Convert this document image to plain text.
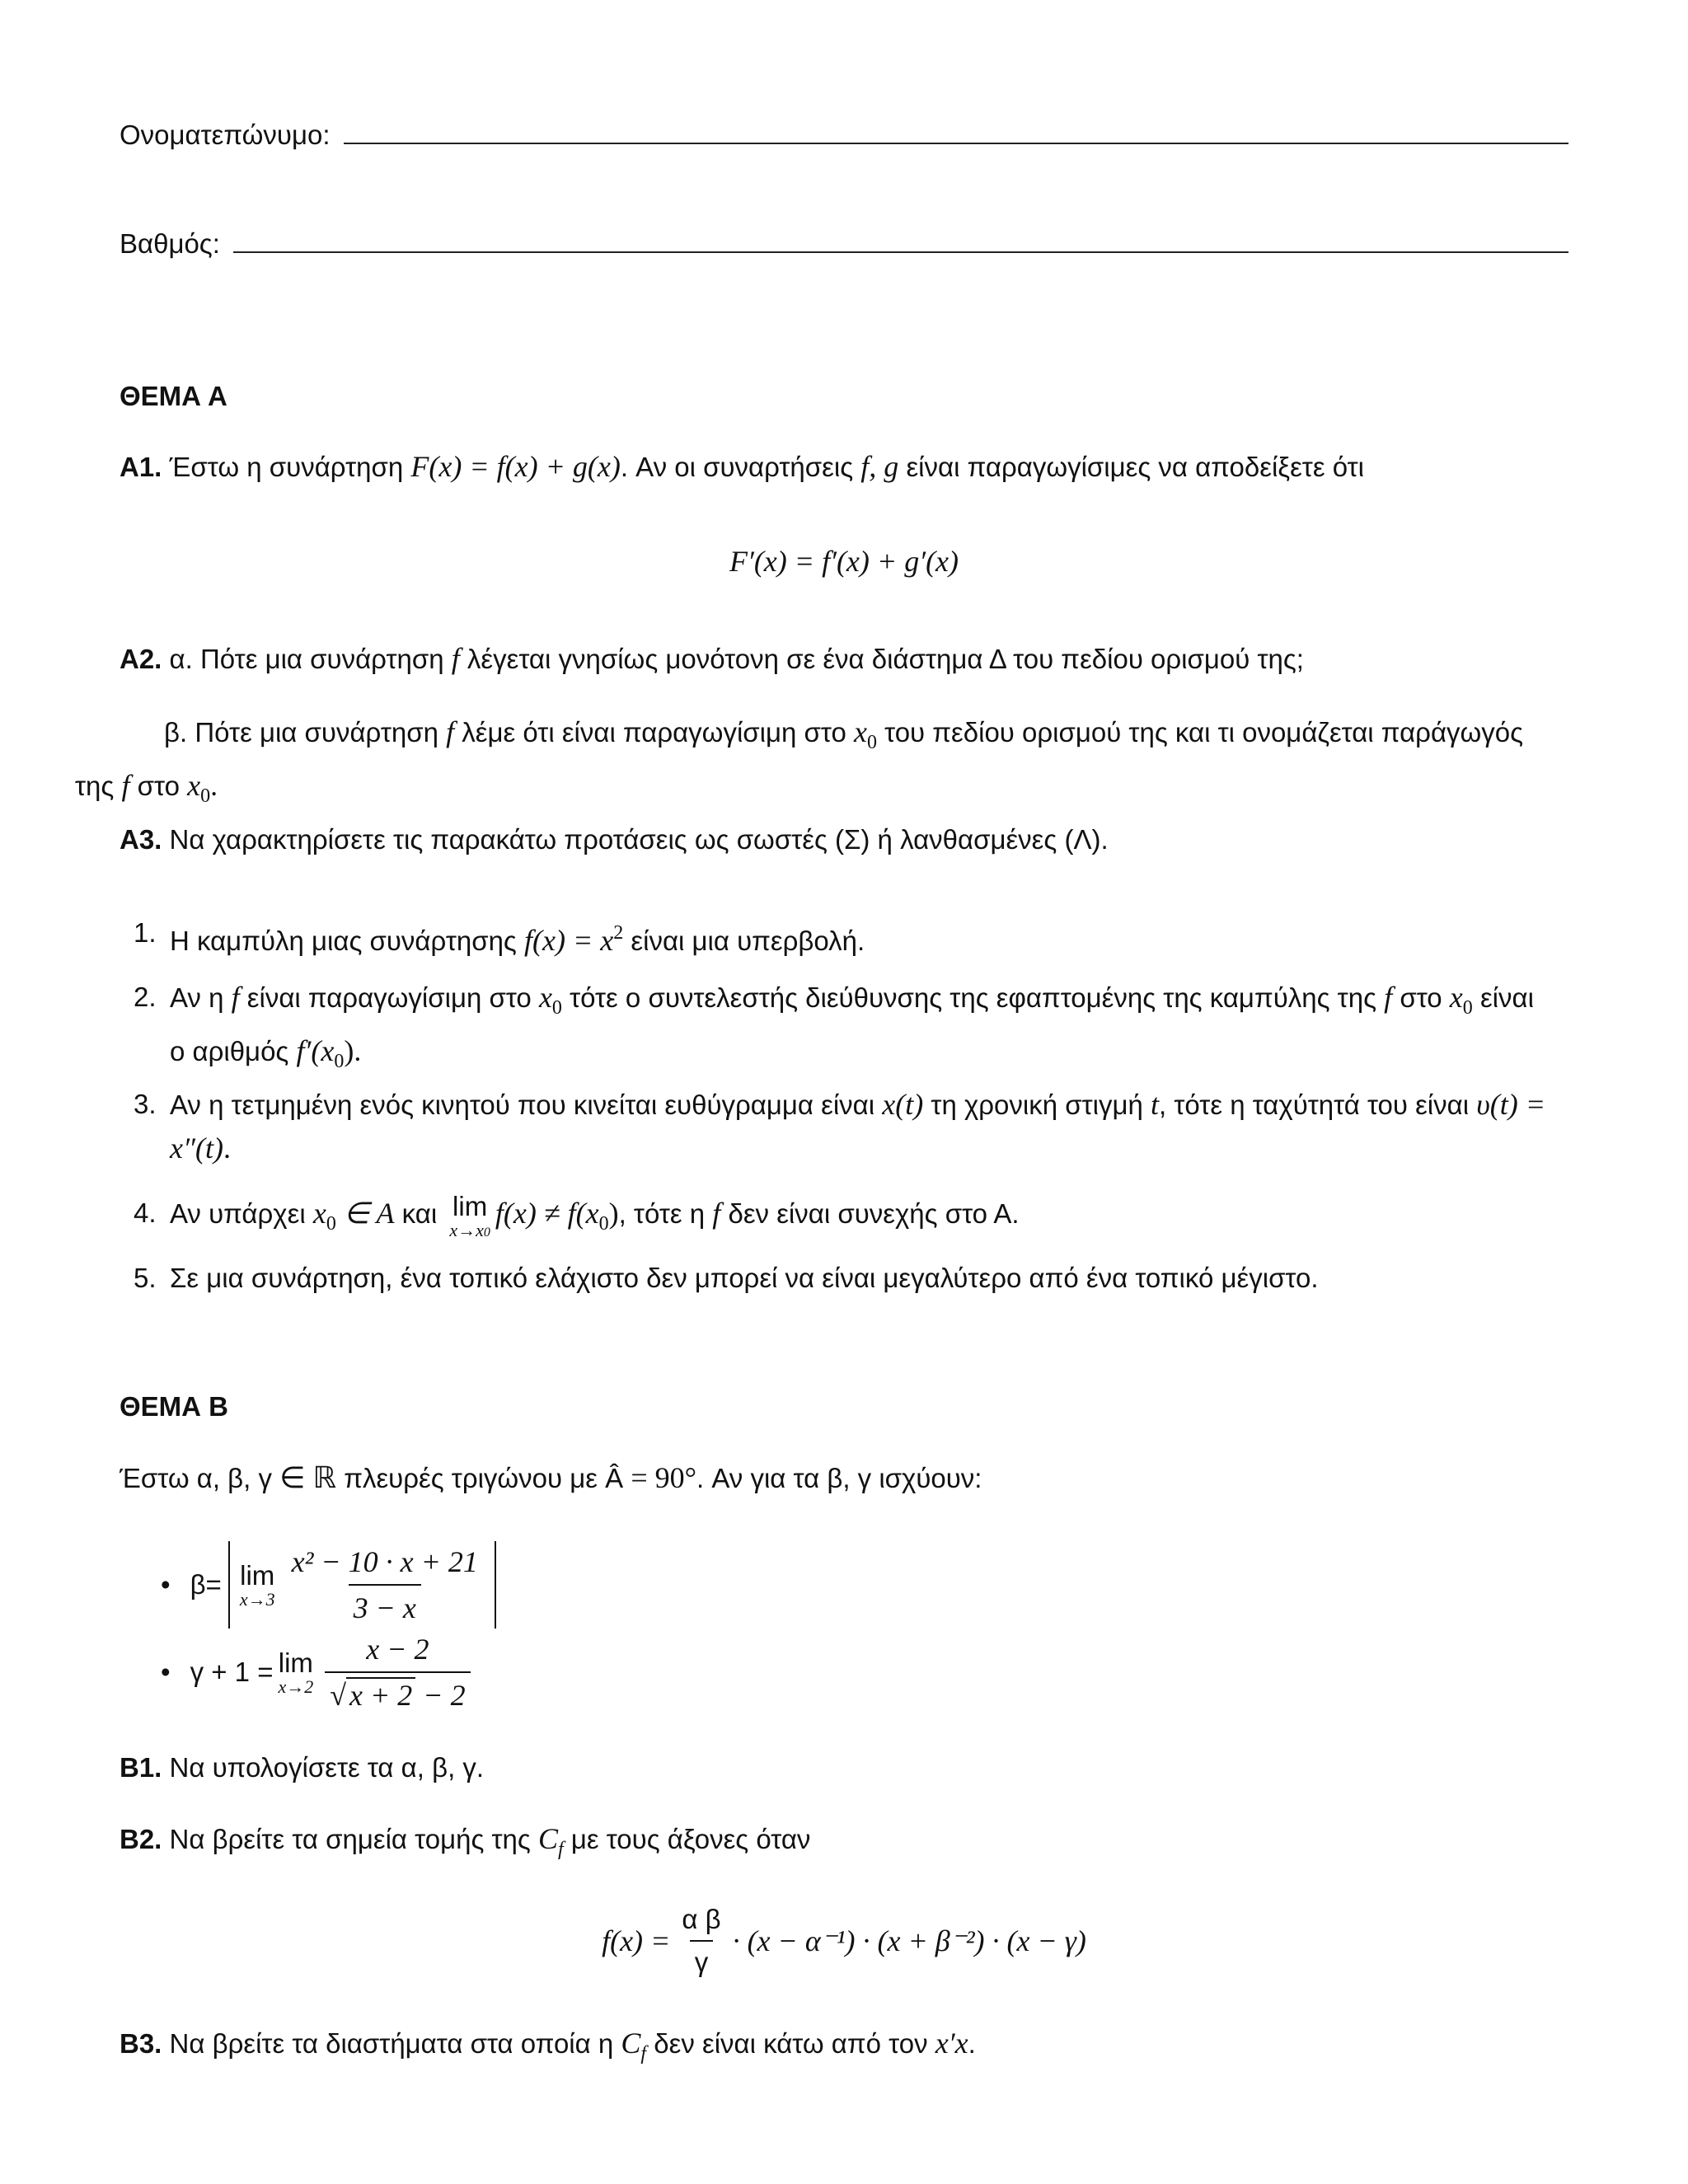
Ονοματεπώνυμο:
Βαθμός:
ΘΕΜΑ Α
Α1. Έστω η συνάρτηση F(x) = f(x) + g(x). Αν οι συναρτήσεις f, g είναι παραγωγίσιμες να αποδείξετε ότι
F′(x) = f′(x) + g′(x)
Α2. α. Πότε μια συνάρτηση f λέγεται γνησίως μονότονη σε ένα διάστημα Δ του πεδίου ορισμού της;
β. Πότε μια συνάρτηση f λέμε ότι είναι παραγωγίσιμη στο $x_0$ του πεδίου ορισμού της και τι ονομάζεται παράγωγός
της f στο $x_0$.
Α3. Να χαρακτηρίσετε τις παρακάτω προτάσεις ως σωστές (Σ) ή λανθασμένες (Λ).
1. Η καμπύλη μιας συνάρτησης $f(x) = x^2$ είναι μια υπερβολή.
2. Αν η f είναι παραγωγίσιμη στο $x_0$ τότε ο συντελεστής διεύθυνσης της εφαπτομένης της καμπύλης της f στο $x_0$ είναι
ο αριθμός $f'(x_0)$.
3. Αν η τετμημένη ενός κινητού που κινείται ευθύγραμμα είναι x(t) τη χρονική στιγμή t, τότε η ταχύτητά του είναι υ(t) =
x″(t).
4. Αν υπάρχει $x_0$ ∈ A και lim
x→x0
$f(x) \ne f(x_0)$, τότε η f δεν είναι συνεχής στο Α.
5. Σε μια συνάρτηση, ένα τοπικό ελάχιστο δεν μπορεί να είναι μεγαλύτερο από ένα τοπικό μέγιστο.
ΘΕΜΑ Β
Έστω α, β, γ ∈ ℝ πλευρές τριγώνου με Â = 90°. Αν για τα β, γ ισχύουν:
• β= lim
$x\to 3 \frac{\text{x² − 10 · x + 21}}{3 - x}$
• γ + 1 = lim
$x\to 2 \frac{x - 2}{√ x + 2 - 2}$
Β1. Να υπολογίσετε τα α, β, γ.
Β2. Να βρείτε τα σημεία τομής της $C_f$ με τους άξονες όταν
$f(x) = \frac{\text{α β}}{\gamma} \cdot (x - \alpha^{-1}) \cdot (x + \beta^{-2}) \cdot (x - \gamma)$
Β3. Να βρείτε τα διαστήματα στα οποία η $C_f$ δεν είναι κάτω από τον x′x.
